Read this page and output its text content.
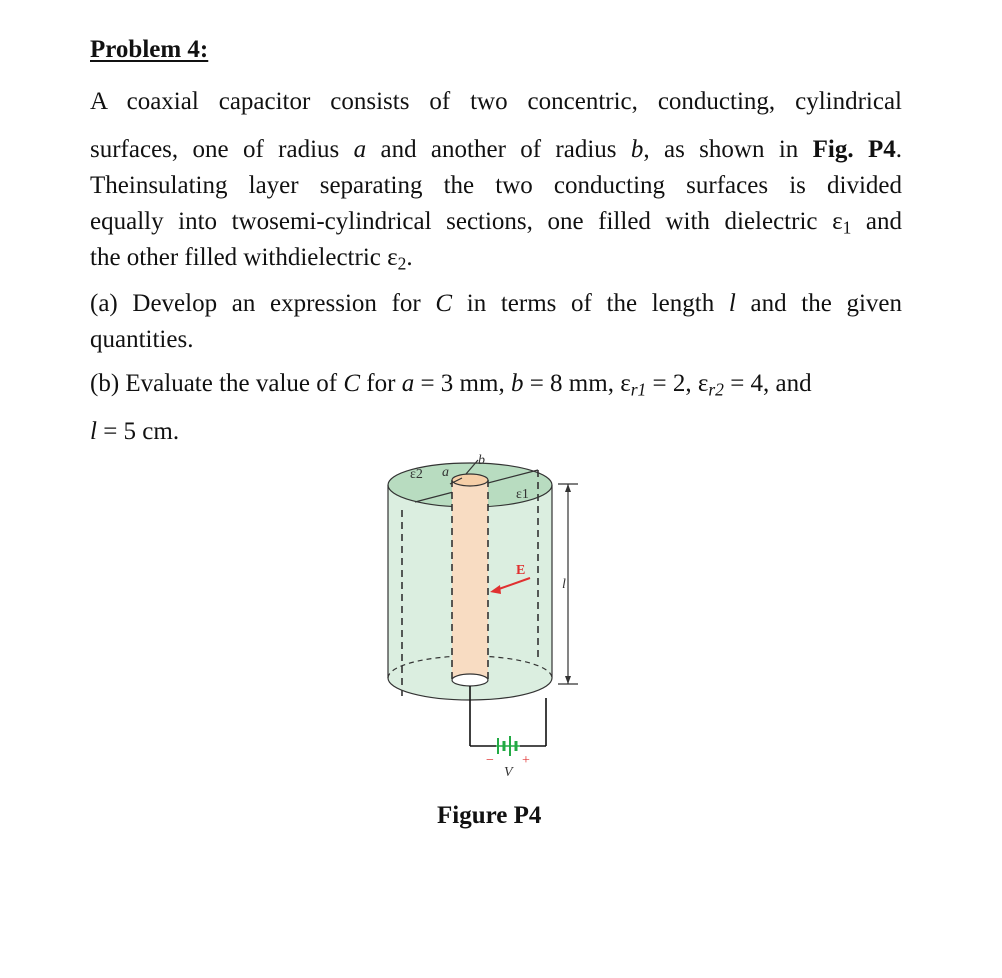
Problem 4:
A coaxial capacitor consists of two concentric, conducting, cylindrical
surfaces, one of radius a and another of radius b, as shown in Fig. P4.
Theinsulating layer separating the two conducting surfaces is divided
equally into twosemi-cylindrical sections, one filled with dielectric $\varepsilon_1$ and
the other filled withdielectric $\varepsilon_2$.
(a) Develop an expression for C in terms of the length l and the given
quantities.
(b) Evaluate the value of C for a = 3 mm, b = 8 mm, $\varepsilon_{r1} = 2$, $\varepsilon_{r2} = 4$, and
l = 5 cm.
ε2 a
b
ε1
E
l
− +
V
Figure P4
